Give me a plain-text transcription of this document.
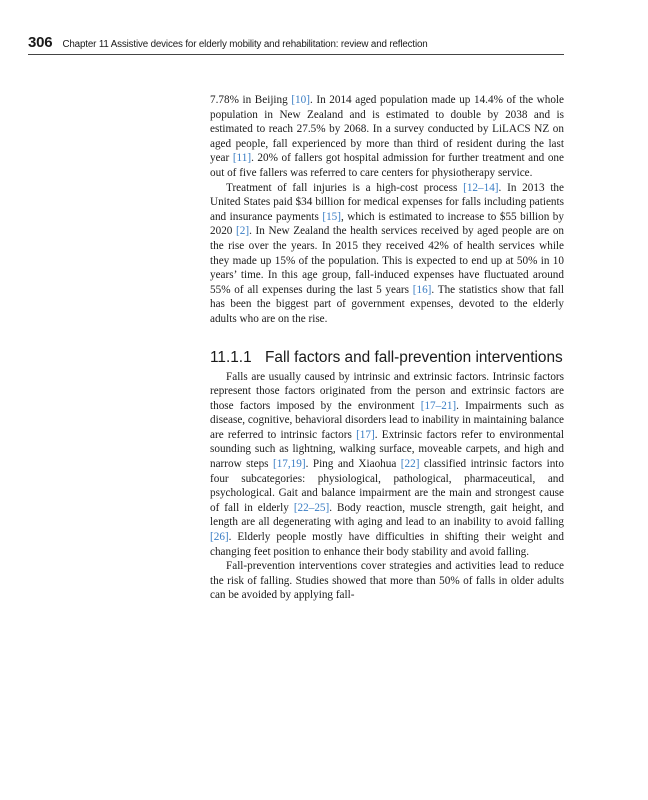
306 Chapter 11 Assistive devices for elderly mobility and rehabilitation: review and reflection

7.78% in Beijing [10]. In 2014 aged population made up 14.4% of the whole population in New Zealand and is estimated to double by 2038 and is estimated to reach 27.5% by 2068. In a survey conducted by LiLACS NZ on aged people, fall experienced by more than third of resident during the last year [11]. 20% of fallers got hospital admission for further treatment and one out of five fallers was referred to care centers for physiotherapy service.

Treatment of fall injuries is a high-cost process [12–14]. In 2013 the United States paid $34 billion for medical expenses for falls including patients and insurance payments [15], which is estimated to increase to $55 billion by 2020 [2]. In New Zealand the health services received by aged people are on the rise over the years. In 2015 they received 42% of health services while they made up 15% of the population. This is expected to end up at 50% in 10 years’ time. In this age group, fall-induced expenses have fluctuated around 55% of all expenses during the last 5 years [16]. The statistics show that fall has been the biggest part of government expenses, devoted to the elderly adults who are on the rise.

11.1.1 Fall factors and fall-prevention interventions

Falls are usually caused by intrinsic and extrinsic factors. Intrinsic factors represent those factors originated from the person and extrinsic factors are those factors imposed by the environment [17–21]. Impairments such as disease, cognitive, behavioral disorders lead to inability in maintaining balance are referred to intrinsic factors [17]. Extrinsic factors refer to environmental sounding such as lightning, walking surface, moveable carpets, and high and narrow steps [17,19]. Ping and Xiaohua [22] classified intrinsic factors into four subcategories: physiological, pathological, pharmaceutical, and psychological. Gait and balance impairment are the main and strongest cause of fall in elderly [22–25]. Body reaction, muscle strength, gait height, and length are all degenerating with aging and lead to an inability to avoid falling [26]. Elderly people mostly have difficulties in shifting their weight and changing feet position to enhance their body stability and avoid falling.

Fall-prevention interventions cover strategies and activities lead to reduce the risk of falling. Studies showed that more than 50% of falls in older adults can be avoided by applying fall-
